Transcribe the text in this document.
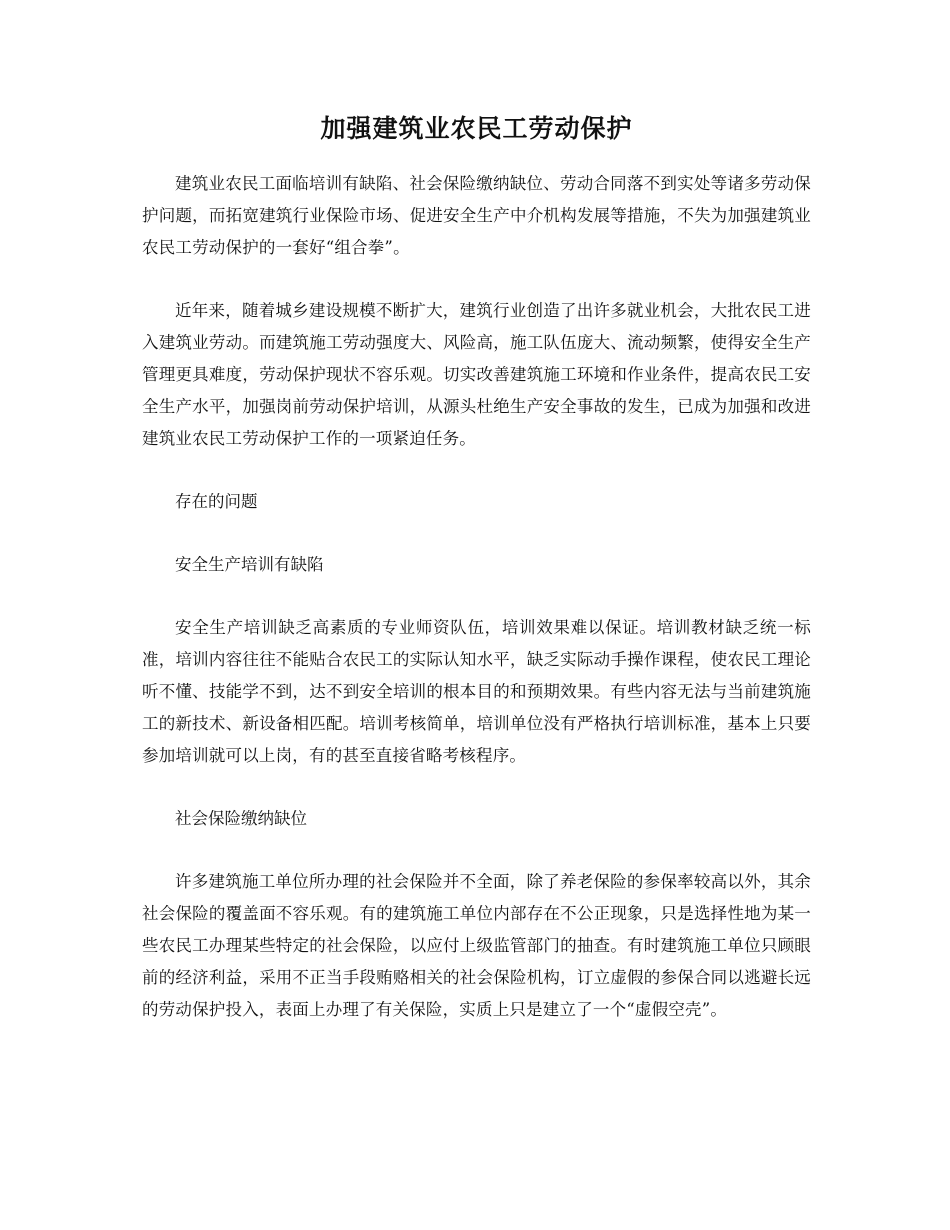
加强建筑业农民工劳动保护

建筑业农民工面临培训有缺陷、社会保险缴纳缺位、劳动合同落不到实处等诸多劳动保护问题，而拓宽建筑行业保险市场、促进安全生产中介机构发展等措施，不失为加强建筑业农民工劳动保护的一套好“组合拳”。

近年来，随着城乡建设规模不断扩大，建筑行业创造了出许多就业机会，大批农民工进入建筑业劳动。而建筑施工劳动强度大、风险高，施工队伍庞大、流动频繁，使得安全生产管理更具难度，劳动保护现状不容乐观。切实改善建筑施工环境和作业条件，提高农民工安全生产水平，加强岗前劳动保护培训，从源头杜绝生产安全事故的发生，已成为加强和改进建筑业农民工劳动保护工作的一项紧迫任务。

存在的问题

安全生产培训有缺陷

安全生产培训缺乏高素质的专业师资队伍，培训效果难以保证。培训教材缺乏统一标准，培训内容往往不能贴合农民工的实际认知水平，缺乏实际动手操作课程，使农民工理论听不懂、技能学不到，达不到安全培训的根本目的和预期效果。有些内容无法与当前建筑施工的新技术、新设备相匹配。培训考核简单，培训单位没有严格执行培训标准，基本上只要参加培训就可以上岗，有的甚至直接省略考核程序。

社会保险缴纳缺位

许多建筑施工单位所办理的社会保险并不全面，除了养老保险的参保率较高以外，其余社会保险的覆盖面不容乐观。有的建筑施工单位内部存在不公正现象，只是选择性地为某一些农民工办理某些特定的社会保险，以应付上级监管部门的抽查。有时建筑施工单位只顾眼前的经济利益，采用不正当手段贿赂相关的社会保险机构，订立虚假的参保合同以逃避长远的劳动保护投入，表面上办理了有关保险，实质上只是建立了一个“虚假空壳”。
